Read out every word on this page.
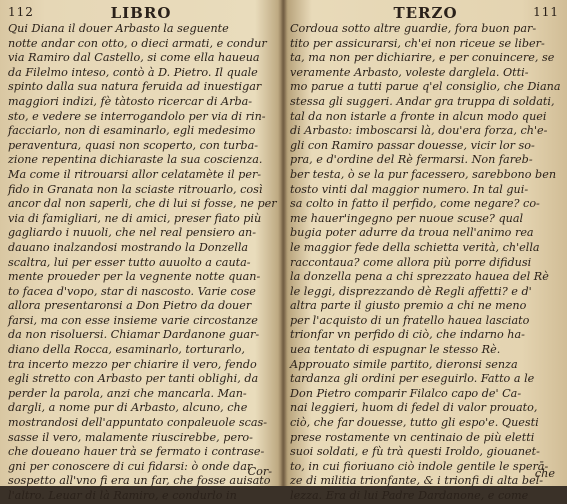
112	LIBRO
Qui Diana il douer Arbasto la seguente
notte andar con otto, o dieci armati, e condur
via Ramiro dal Castello, si come ella haueua
da Filelmo inteso, contò à D. Pietro. Il quale
spinto dalla sua natura feruida ad inuestigar
maggiori indizi, fè tàtosto ricercar di Arba-
sto, e vedere se interrogandolo per via di rin-
facciarlo, non di esaminarlo, egli medesimo
peraventura, quasi non scoperto, con turba-
zione repentina dichiaraste la sua coscienza.
Ma come il ritrouarsi allor celatamète il per-
fido in Granata non la sciaste ritrouarlo, così
ancor dal non saperli, che di lui si fosse, ne per
via di famigliari, ne di amici, preser fiato più
gagliardo i nuuoli, che nel real pensiero an-
dauano inalzandosi mostrando la Donzella
scaltra, lui per esser tutto auuolto a cauta-
mente proueder per la vegnente notte quan-
to facea d'vopo, star di nascosto. Varie cose
allora presentaronsi a Don Pietro da douer
farsi, ma con esse insieme varie circostanze
da non risoluersi. Chiamar Dardanone guar-
diano della Rocca, esaminarlo, torturarlo,
tra incerto mezzo per chiarire il vero, fendo
egli stretto con Arbasto per tanti oblighi, da
perder la parola, anzi che mancarla. Man-
dargli, a nome pur di Arbasto, alcuno, che
mostrandosi dell'appuntato conpaleuole scas-
sasse il vero, malamente riuscirebbe, pero-
che doueano hauer trà se fermato i contrase-
gni per conoscere di cui fidarsi: ò onde dar
sospetto all'vno fi era un far, che fosse auisato
l'altro. Leuar di là Ramiro, e condurlo in
Cor-
TERZO	111
Cordoua sotto altre guardie, fora buon par-
tito per assicurarsi, ch'ei non riceue se liber-
ta, ma non per dichiarire, e per conuincere, se
veramente Arbasto, voleste darglela. Otti-
mo parue a tutti parue q'el consiglio, che Diana
stessa gli suggeri. Andar gra truppa di soldati,
tal da non istarle a fronte in alcun modo quei
di Arbasto: imboscarsi là, dou'era forza, ch'e-
gli con Ramiro passar douesse, vicir lor so-
pra, e d'ordine del Rè fermarsi. Non fareb-
ber testa, ò se la pur facessero, sarebbono ben
tosto vinti dal maggior numero. In tal gui-
sa colto in fatto il perfido, come negare? co-
me hauer'ingegno per nuoue scuse? qual
bugia poter adurre da troua nell'animo rea
le maggior fede della schietta verità, ch'ella
raccontaua? come allora più porre difidusi
la donzella pena a chi sprezzato hauea del Rè
le leggi, disprezzando dè Regli affetti? e d'
altra parte il giusto premio a chi ne meno
per l'acquisto di un fratello hauea lasciato
trionfar vn perfido di ciò, che indarno ha-
uea tentato di espugnar le stesso Rè.
Approuato simile partito, dieronsi senza
tardanza gli ordini per eseguirlo. Fatto a le
Don Pietro comparir Filalco capo de' Ca-
nai leggieri, huom di fedel di valor prouato,
ciò, che far douesse, tutto gli espo'e. Questi
prese rostamente vn centinaio de più eletti
suoi soldati, e fù trà questi Iroldo, giouanet-
to, in cui fioriuano ciò indole gentile le sperā-
ze di militia trionfante, & i trionfi di alta bel-
lezza. Era di lui Padre Dardanone, e come
che
